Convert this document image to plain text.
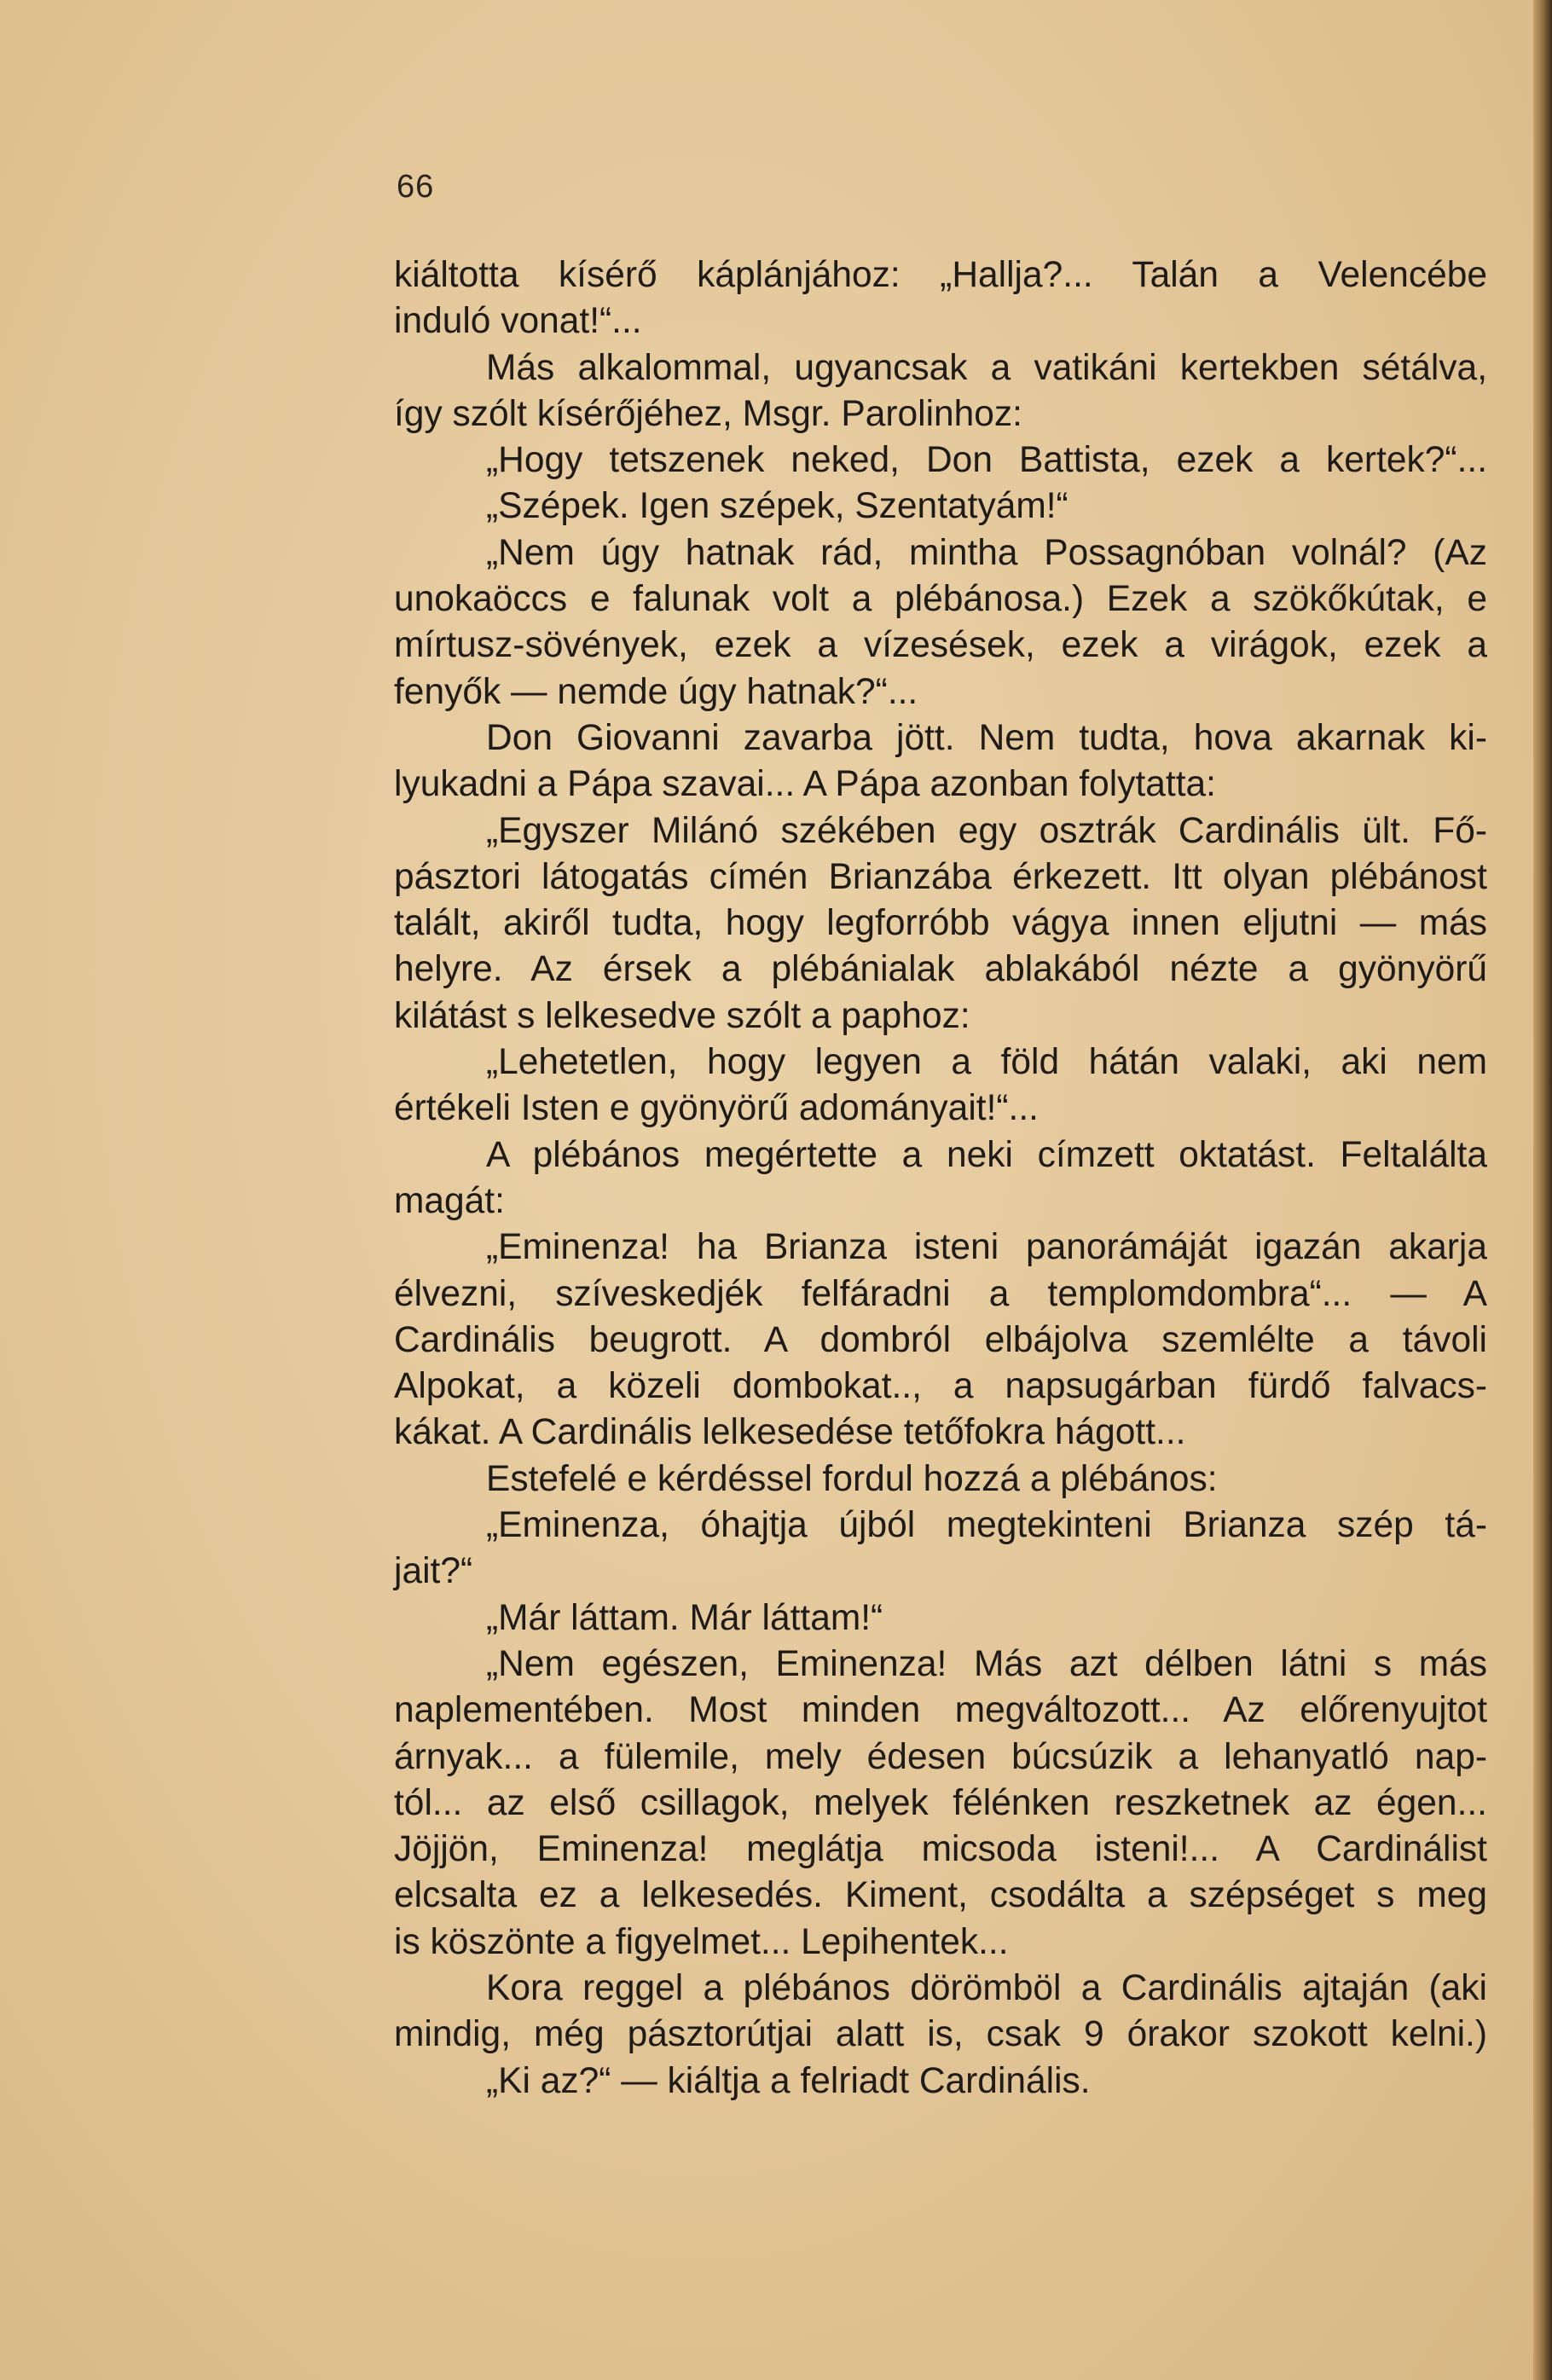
66
kiáltotta kísérő káplánjához: „Hallja?... Talán a Velencébe
induló vonat!“...
Más alkalommal, ugyancsak a vatikáni kertekben sétálva,
így szólt kísérőjéhez, Msgr. Parolinhoz:
„Hogy tetszenek neked, Don Battista, ezek a kertek?“...
„Szépek. Igen szépek, Szentatyám!“
„Nem úgy hatnak rád, mintha Possagnóban volnál? (Az
unokaöccs e falunak volt a plébánosa.) Ezek a szökőkútak, e
mírtusz-sövények, ezek a vízesések, ezek a virágok, ezek a
fenyők — nemde úgy hatnak?“...
Don Giovanni zavarba jött. Nem tudta, hova akarnak ki-
lyukadni a Pápa szavai... A Pápa azonban folytatta:
„Egyszer Milánó székében egy osztrák Cardinális ült. Fő-
pásztori látogatás címén Brianzába érkezett. Itt olyan plébánost
talált, akiről tudta, hogy legforróbb vágya innen eljutni — más
helyre. Az érsek a plébánialak ablakából nézte a gyönyörű
kilátást s lelkesedve szólt a paphoz:
„Lehetetlen, hogy legyen a föld hátán valaki, aki nem
értékeli Isten e gyönyörű adományait!“...
A plébános megértette a neki címzett oktatást. Feltalálta
magát:
„Eminenza! ha Brianza isteni panorámáját igazán akarja
élvezni, szíveskedjék felfáradni a templomdombra“... — A
Cardinális beugrott. A dombról elbájolva szemlélte a távoli
Alpokat, a közeli dombokat.., a napsugárban fürdő falvacs-
kákat. A Cardinális lelkesedése tetőfokra hágott...
Estefelé e kérdéssel fordul hozzá a plébános:
„Eminenza, óhajtja újból megtekinteni Brianza szép tá-
jait?“
„Már láttam. Már láttam!“
„Nem egészen, Eminenza! Más azt délben látni s más
naplementében. Most minden megváltozott... Az előrenyujtot
árnyak... a fülemile, mely édesen búcsúzik a lehanyatló nap-
tól... az első csillagok, melyek félénken reszketnek az égen...
Jöjjön, Eminenza! meglátja micsoda isteni!... A Cardinálist
elcsalta ez a lelkesedés. Kiment, csodálta a szépséget s meg
is köszönte a figyelmet... Lepihentek...
Kora reggel a plébános dörömböl a Cardinális ajtaján (aki
mindig, még pásztorútjai alatt is, csak 9 órakor szokott kelni.)
„Ki az?“ — kiáltja a felriadt Cardinális.
